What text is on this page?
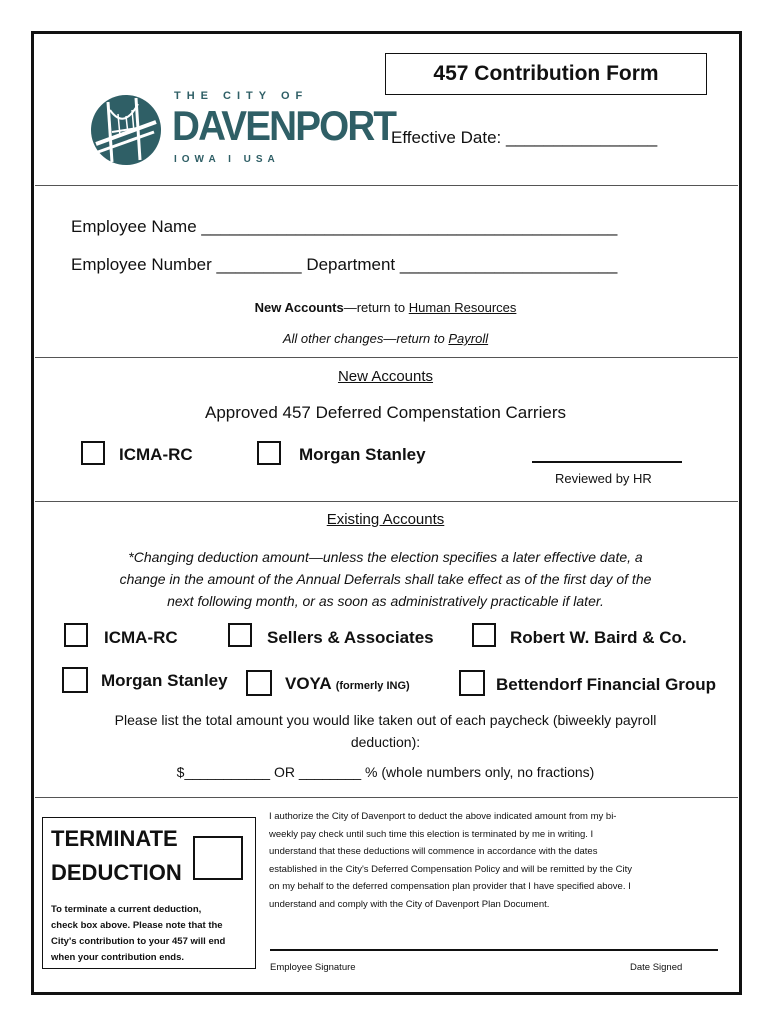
THE CITY OF
DAVENPORT
IOWA I USA
457 Contribution Form
Effective Date: ________________
Employee Name ____________________________________________
Employee Number _________ Department _______________________
New Accounts—return to Human Resources
All other changes—return to Payroll
New Accounts
Approved 457 Deferred Compenstation Carriers
ICMA-RC	Morgan Stanley
Reviewed by HR
Existing Accounts
*Changing deduction amount—unless the election specifies a later effective date, a
change in the amount of the Annual Deferrals shall take effect as of the first day of the
next following month, or as soon as administratively practicable if later.
ICMA-RC	Sellers & Associates	Robert W. Baird & Co.
Morgan Stanley	VOYA (formerly ING)	Bettendorf Financial Group
Please list the total amount you would like taken out of each paycheck (biweekly payroll
deduction):
$___________ OR ________ % (whole numbers only, no fractions)
TERMINATE
DEDUCTION
To terminate a current deduction,
check box above. Please note that the
City's contribution to your 457 will end
when your contribution ends.
I authorize the City of Davenport to deduct the above indicated amount from my bi-
weekly pay check until such time this election is terminated by me in writing. I
understand that these deductions will commence in accordance with the dates
established in the City's Deferred Compensation Policy and will be remitted by the City
on my behalf to the deferred compensation plan provider that I have specified above. I
understand and comply with the City of Davenport Plan Document.
Employee Signature	Date Signed
